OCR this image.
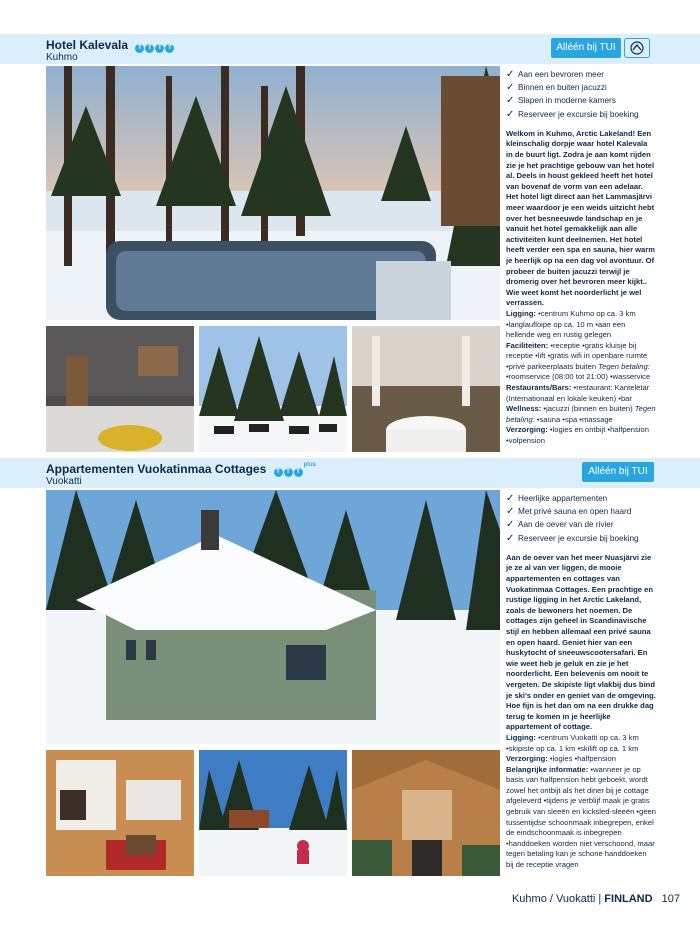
Hotel Kalevala T T T T
Kuhmo
Alléén bij TUI
✓ Aan een bevroren meer
✓ Binnen en buiten jacuzzi
✓ Slapen in moderne kamers
✓ Reserveer je excursie bij boeking

Welkom in Kuhmo, Arctic Lakeland! Een kleinschalig dorpje waar hotel Kalevala in de buurt ligt. Zodra je aan komt rijden zie je het prachtige gebouw van het hotel al. Deels in houst gekleed heeft het hotel van bovenaf de vorm van een adelaar. Het hotel ligt direct aan het Lammasjärvi meer waardoor je een weids uitzicht hebt over het besneeuwde landschap en je vanuit het hotel gemakkelijk aan alle activiteiten kunt deelnemen. Het hotel heeft verder een spa en sauna, hier warm je heerlijk op na een dag vol avontuur. Of probeer de buiten jacuzzi terwijl je dromerig over het bevroren meer kijkt.. Wie weet komt het noorderlicht je wel verrassen.

Ligging: •centrum Kuhmo op ca. 3 km •langlaufloipe op ca. 10 m •aan een hellende weg en rustig gelegen

Faciliteiten: •receptie •gratis kluisje bij receptie •lift •gratis wifi in openbare ruimte •privé parkeerplaats buiten Tegen betaling: •roomservice (08:00 tot 21:00) •wasservice

Restaurants/Bars: •restaurant: Kanteletar (Internationaal en lokale keuken) •bar

Wellness: •jacuzzi (binnen en buiten) Tegen betaling: •sauna •spa •massage

Verzorging: •logies en ontbijt •halfpension •volpension

Appartementen Vuokatinmaa Cottages T T $T^{plus}$
Vuokatti
Alléén bij TUI
✓ Heerlijke appartementen
✓ Met privé sauna en open haard
✓ Aan de oever van de rivier
✓ Reserveer je excursie bij boeking

Aan de oever van het meer Nuasjärvi zie je ze al van ver liggen, de mooie appartementen en cottages van Vuokatinmaa Cottages. Een prachtige en rustige ligging in het Arctic Lakeland, zoals de bewoners het noemen. De cottages zijn geheel in Scandinavische stijl en hebben allemaal een privé sauna en open haard. Geniet hier van een huskytocht of sneeuwscootersafari. En wie weet heb je geluk en zie je het noorderlicht. Een belevenis om nooit te vergeten. De skipiste ligt vlakbij dus bind je ski's onder en geniet van de omgeving. Hoe fijn is het dan om na een drukke dag terug te komen in je heerlijke appartement of cottage.

Ligging: •centrum Vuokatti op ca. 3 km •skipiste op ca. 1 km •skilift op ca. 1 km

Verzorging: •logies •halfpension

Belangrijke informatie: •wanneer je op basis van halfpension hebt geboekt, wordt zowel het ontbijt als het diner bij je cottage afgeleverd •tijdens je verblijf maak je gratis gebruik van sleeën en kicksled-sleeën •geen tussentijdse schoonmaak inbegrepen, enkel de eindschoonmaak is inbegrepen •handdoeken worden niet verschoond, maar tegen betaling kan je schone handdoeken bij de receptie vragen

Kuhmo / Vuokatti | FINLAND 107
